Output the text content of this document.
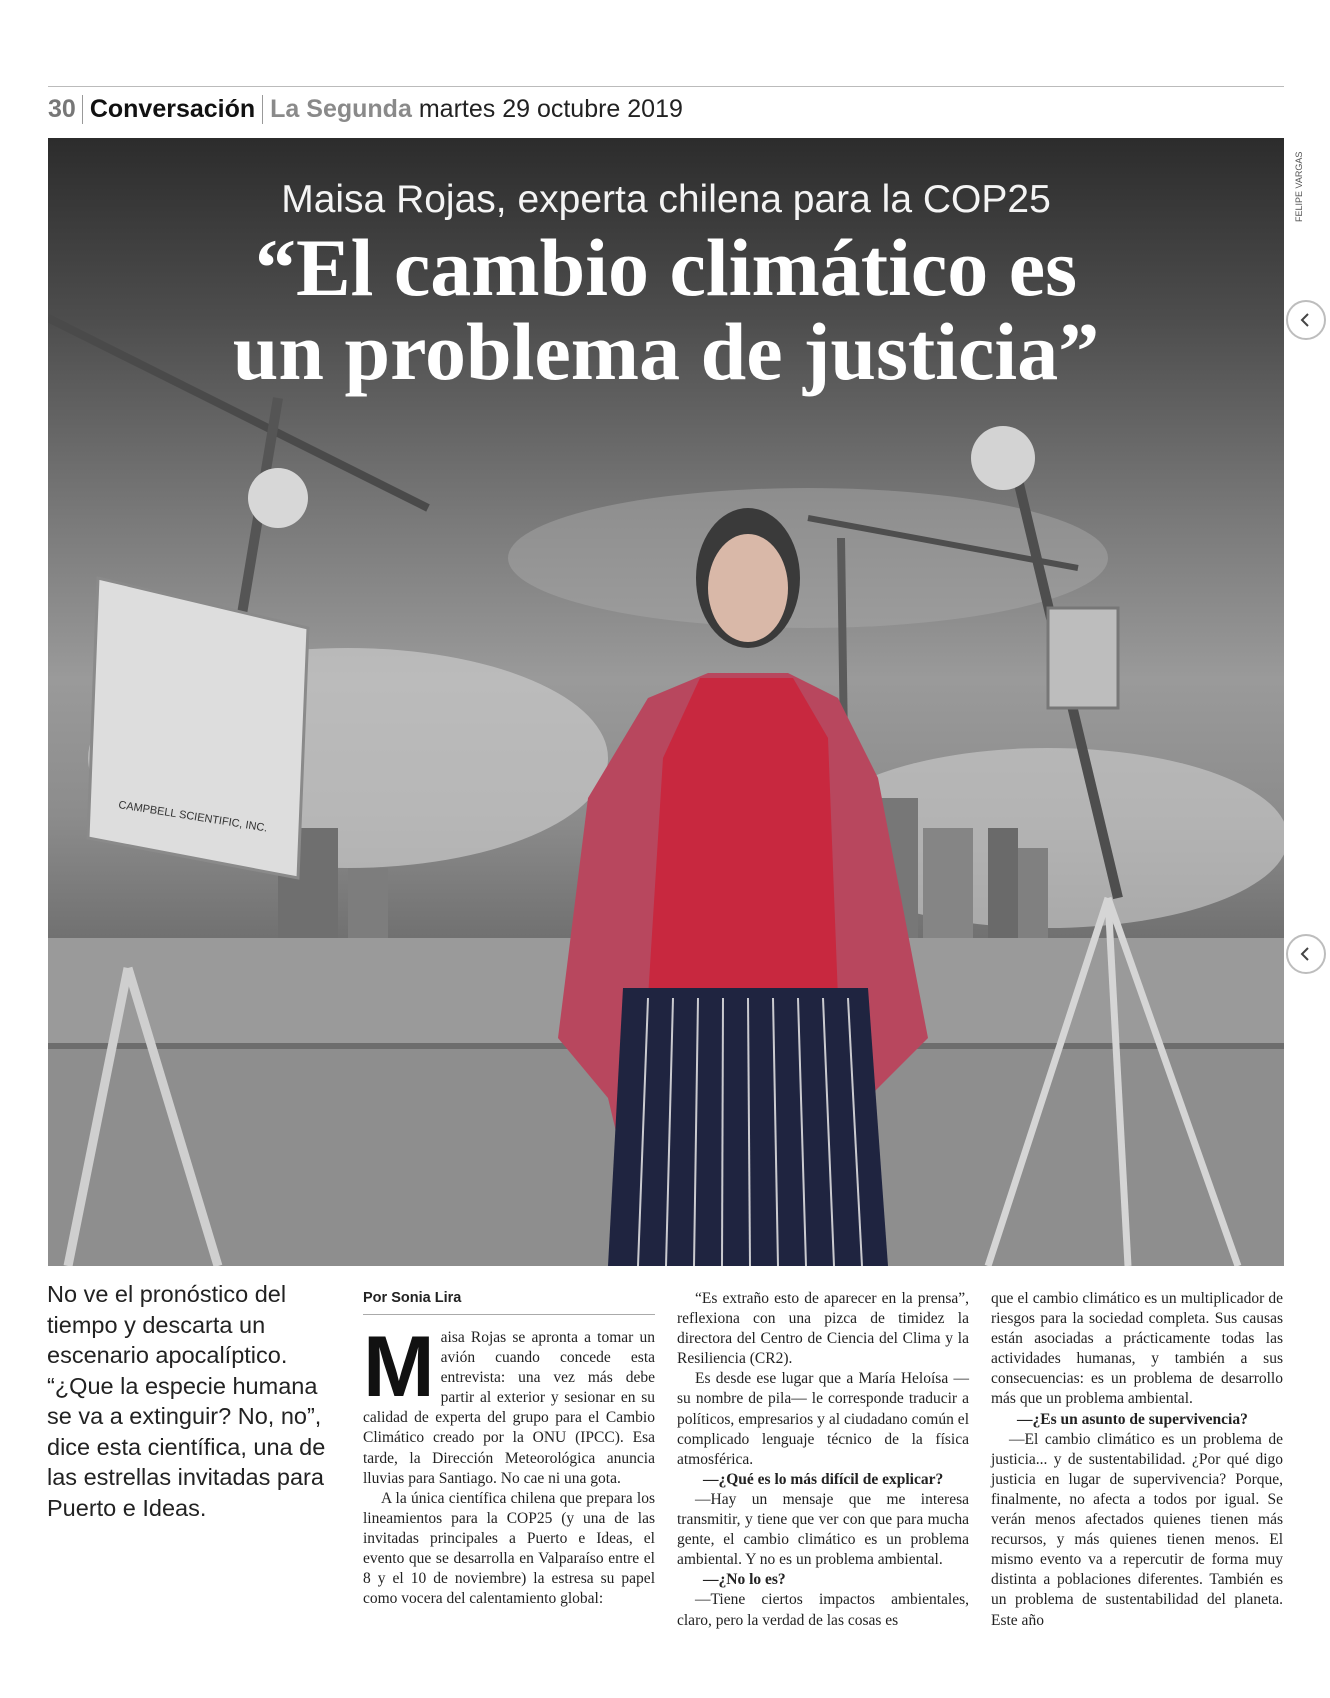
30 Conversación La Segunda martes 29 octubre 2019
CAMPBELL SCIENTIFIC, INC.
Maisa Rojas, experta chilena para la COP25
“El cambio climático es
un problema de justicia”
FELIPE VARGAS
No ve el pronóstico del tiempo y descarta un escenario apocalíptico. “¿Que la especie humana se va a extinguir? No, no”, dice esta científica, una de las estrellas invitadas para Puerto e Ideas.
Por Sonia Lira

Maisa Rojas se apronta a tomar un avión cuando concede esta entrevista: una vez más debe partir al exterior y sesionar en su calidad de experta del grupo para el Cambio Climático creado por la ONU (IPCC). Esa tarde, la Dirección Meteorológica anuncia lluvias para Santiago. No cae ni una gota.

A la única científica chilena que prepara los lineamientos para la COP25 (y una de las invitadas principales a Puerto e Ideas, el evento que se desarrolla en Valparaíso entre el 8 y el 10 de noviembre) la estresa su papel como vocera del calentamiento global:

“Es extraño esto de aparecer en la prensa”, reflexiona con una pizca de timidez la directora del Centro de Ciencia del Clima y la Resiliencia (CR2).

Es desde ese lugar que a María Heloísa —su nombre de pila— le corresponde traducir a políticos, empresarios y al ciudadano común el complicado lenguaje técnico de la física atmosférica.

—¿Qué es lo más difícil de explicar?

—Hay un mensaje que me interesa transmitir, y tiene que ver con que para mucha gente, el cambio climático es un problema ambiental. Y no es un problema ambiental.

—¿No lo es?

—Tiene ciertos impactos ambientales, claro, pero la verdad de las cosas es

que el cambio climático es un multiplicador de riesgos para la sociedad completa. Sus causas están asociadas a prácticamente todas las actividades humanas, y también a sus consecuencias: es un problema de desarrollo más que un problema ambiental.

—¿Es un asunto de supervivencia?

—El cambio climático es un problema de justicia... y de sustentabilidad. ¿Por qué digo justicia en lugar de supervivencia? Porque, finalmente, no afecta a todos por igual. Se verán menos afectados quienes tienen más recursos, y más quienes tienen menos. El mismo evento va a repercutir de forma muy distinta a poblaciones diferentes. También es un problema de sustentabilidad del planeta. Este año
